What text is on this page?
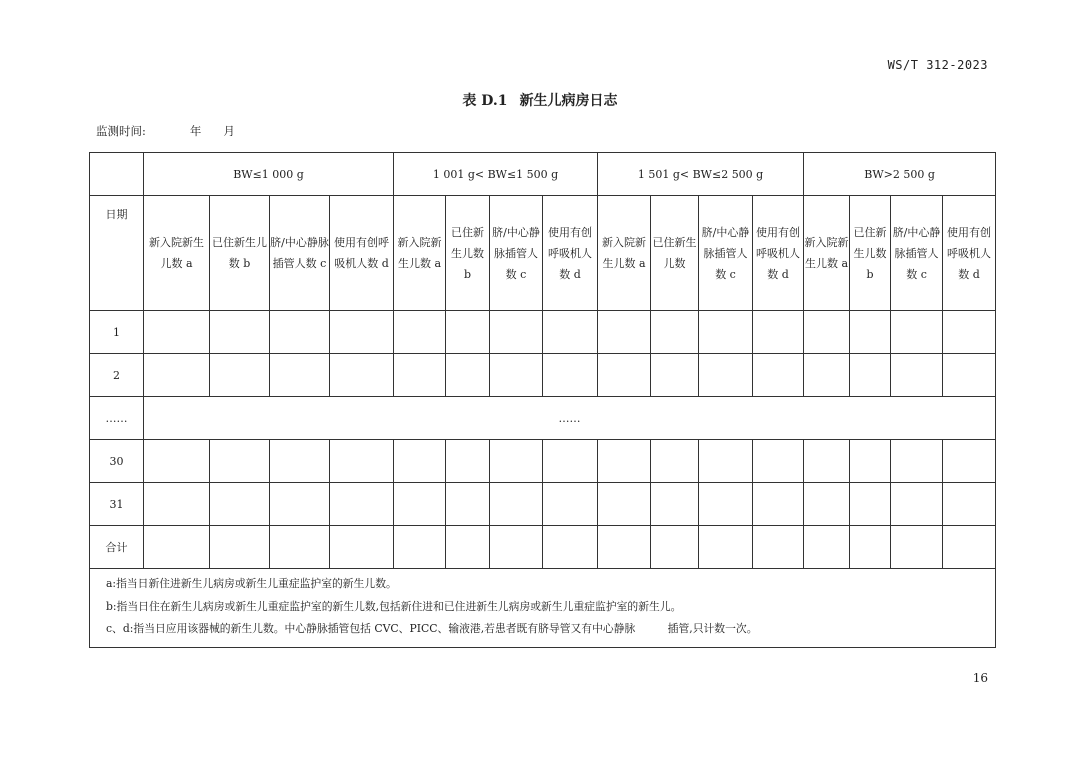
WS/T 312-2023
表 D.1 新生儿病房日志
监测时间:	年 月
	BW≤1 000 g				1 001 g< BW≤1 500 g				1 501 g< BW≤2 500 g				BW>2 500 g			
日期	新入院新生儿数 a	已住新生儿数 b	脐/中心静脉插管人数 c	使用有创呼吸机人数 d	新入院新生儿数 a	已住新生儿数 b	脐/中心静脉插管人数 c	使用有创呼吸机人数 d	新入院新生儿数 a	已住新生儿数	脐/中心静脉插管人数 c	使用有创呼吸机人数 d	新入院新生儿数 a	已住新生儿数 b	脐/中心静脉插管人数 c	使用有创呼吸机人数 d
1																
2																
……	……															
30																
31																
合计																

a:指当日新住进新生儿病房或新生儿重症监护室的新生儿数。
b:指当日住在新生儿病房或新生儿重症监护室的新生儿数,包括新住进和已住进新生儿病房或新生儿重症监护室的新生儿。
c、d:指当日应用该器械的新生儿数。中心静脉插管包括 CVC、PICC、输液港,若患者既有脐导管又有中心静脉　　　插管,只计数一次。																
16
